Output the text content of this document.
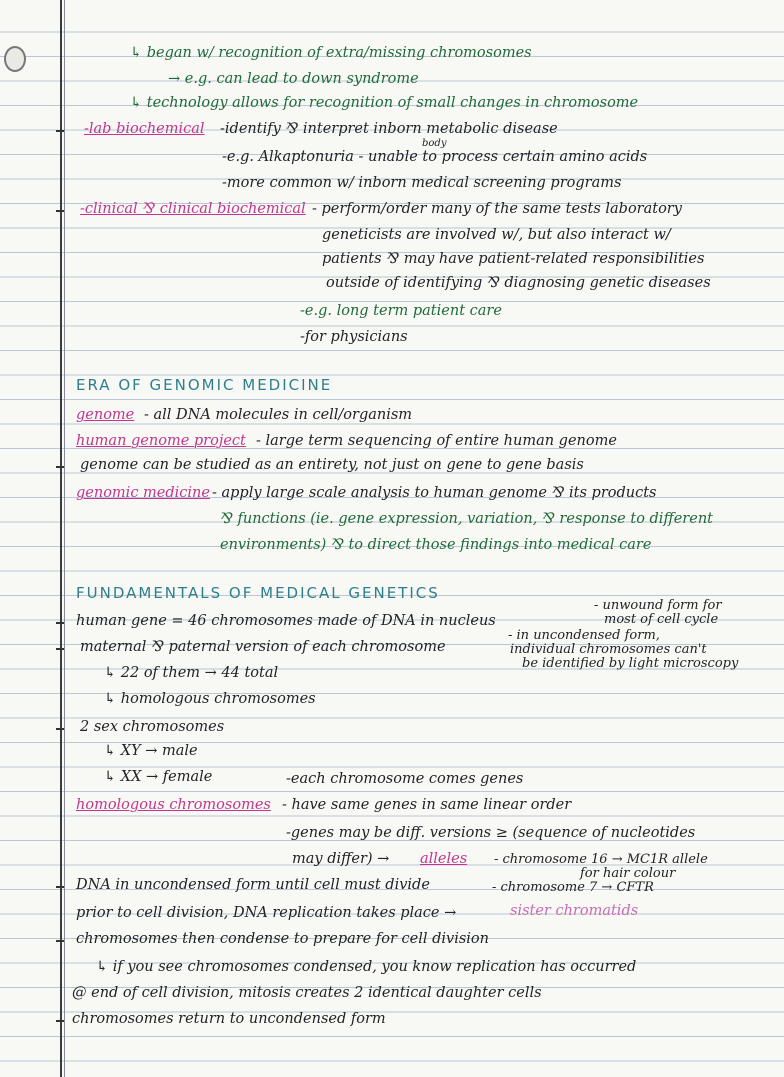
↳ began w/ recognition of extra/missing chromosomes
→ e.g. can lead to down syndrome
↳ technology allows for recognition of small changes in chromosome
-lab biochemical -identify ⅋ interpret inborn metabolic disease
body
-e.g. Alkaptonuria - unable to process certain amino acids
-more common w/ inborn medical screening programs
-clinical ⅋ clinical biochemical - perform/order many of the same tests laboratory
geneticists are involved w/, but also interact w/
patients ⅋ may have patient-related responsibilities
outside of identifying ⅋ diagnosing genetic diseases
-e.g. long term patient care
-for physicians
ERA OF GENOMIC MEDICINE
genome - all DNA molecules in cell/organism
human genome project - large term sequencing of entire human genome
genome can be studied as an entirety, not just on gene to gene basis
genomic medicine - apply large scale analysis to human genome ⅋ its products
⅋ functions (ie. gene expression, variation, ⅋ response to different
environments) ⅋ to direct those findings into medical care
FUNDAMENTALS OF MEDICAL GENETICS
human gene = 46 chromosomes made of DNA in nucleus
- unwound form for
most of cell cycle
- in uncondensed form,
individual chromosomes can't
be identified by light microscopy
maternal ⅋ paternal version of each chromosome
↳ 22 of them → 44 total
↳ homologous chromosomes
2 sex chromosomes
↳ XY → male
↳ XX → female	-each chromosome comes genes
homologous chromosomes - have same genes in same linear order
-genes may be diff. versions ≥ (sequence of nucleotides
may differ) → alleles - chromosome 16 → MC1R allele
for hair colour
DNA in uncondensed form until cell must divide	- chromosome 7 → CFTR
prior to cell division, DNA replication takes place →	sister chromatids
chromosomes then condense to prepare for cell division
↳ if you see chromosomes condensed, you know replication has occurred
@ end of cell division, mitosis creates 2 identical daughter cells
chromosomes return to uncondensed form
